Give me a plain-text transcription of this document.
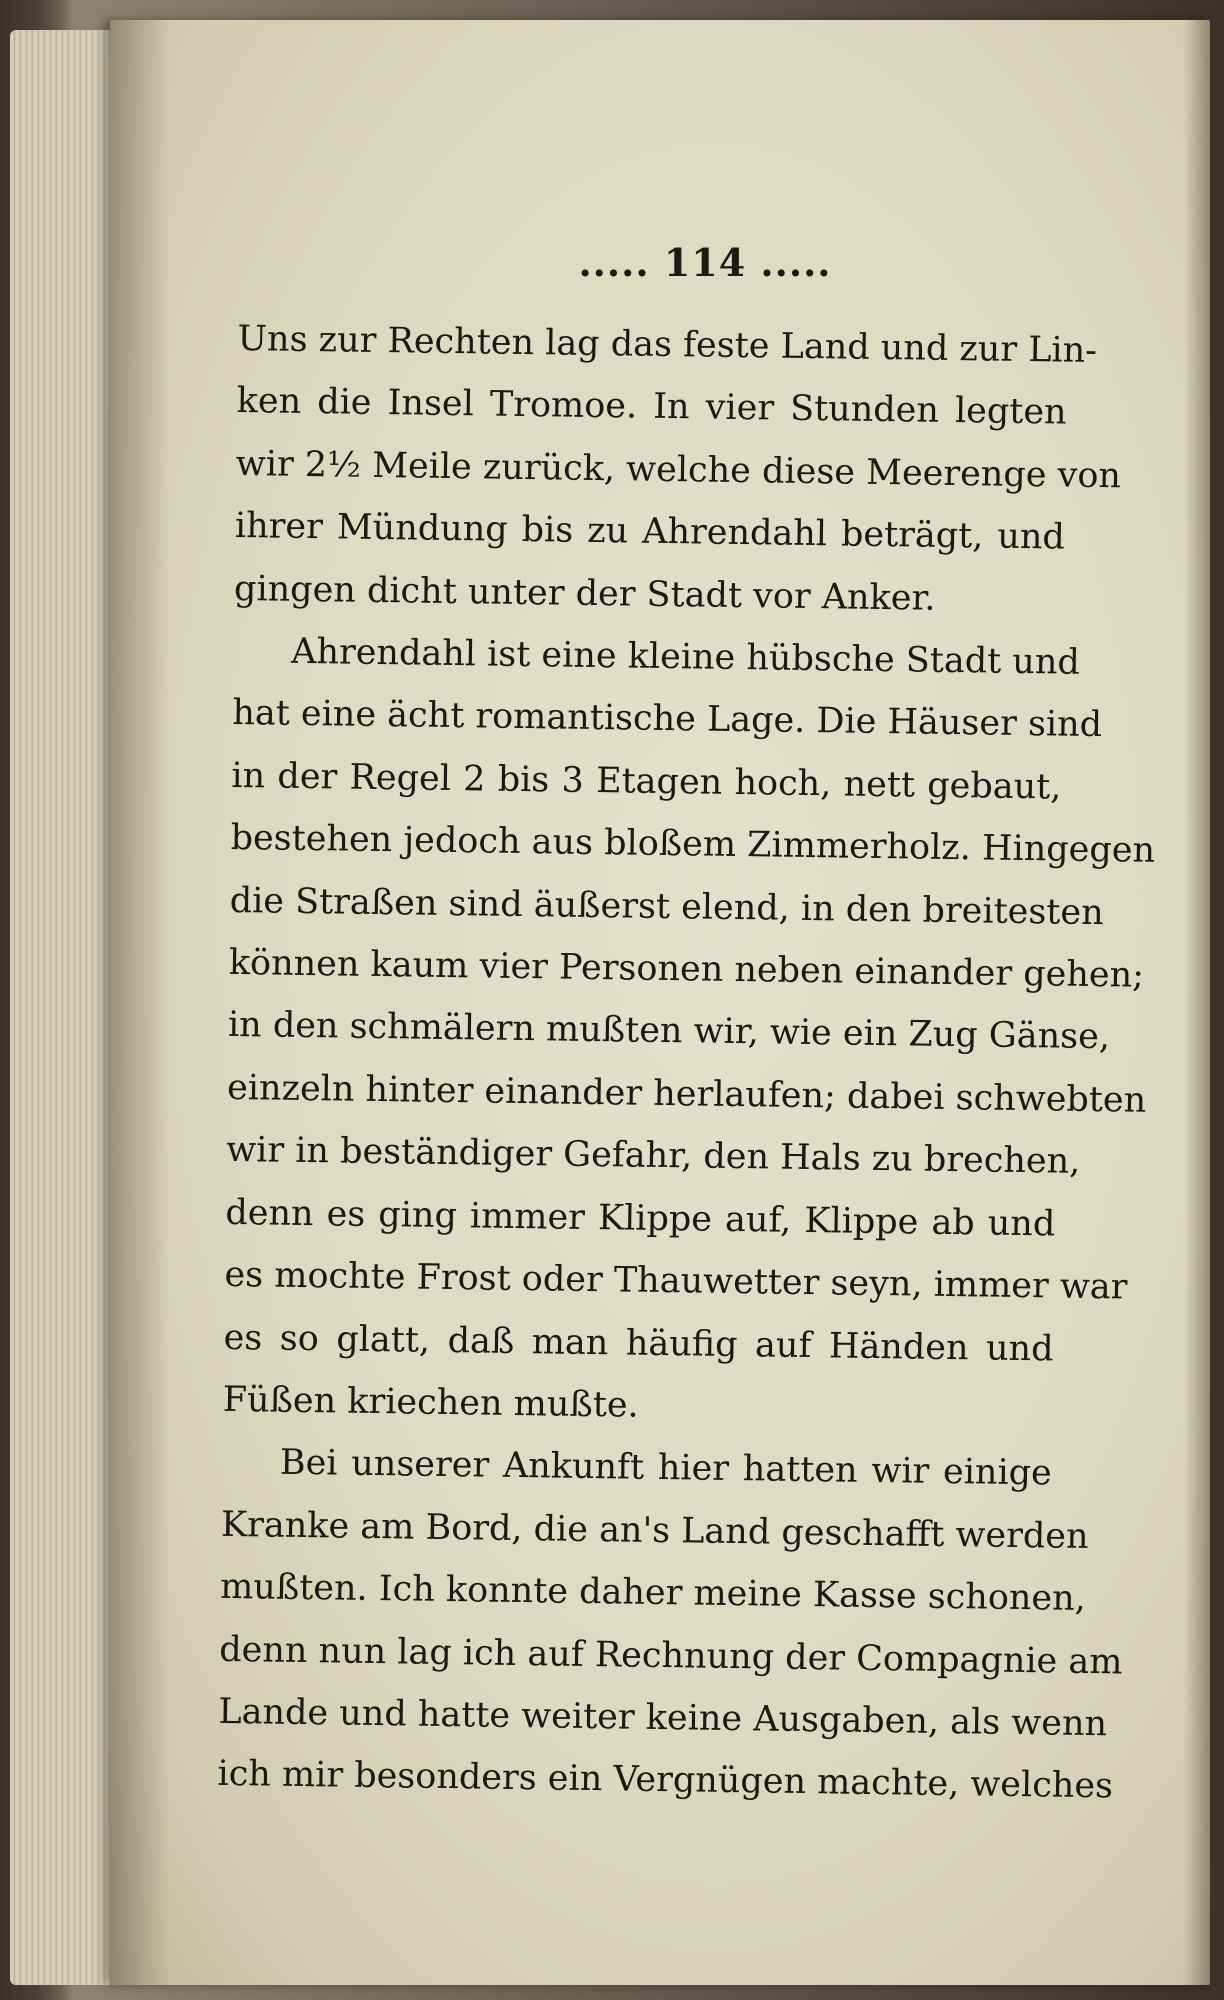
..... 114 .....
Uns zur Rechten lag das feste Land und zur Lin-
ken die Insel Tromoe. In vier Stunden legten
wir 2½ Meile zurück, welche diese Meerenge von
ihrer Mündung bis zu Ahrendahl beträgt, und
gingen dicht unter der Stadt vor Anker.
Ahrendahl ist eine kleine hübsche Stadt und
hat eine ächt romantische Lage. Die Häuser sind
in der Regel 2 bis 3 Etagen hoch, nett gebaut,
bestehen jedoch aus bloßem Zimmerholz. Hingegen
die Straßen sind äußerst elend, in den breitesten
können kaum vier Personen neben einander gehen;
in den schmälern mußten wir, wie ein Zug Gänse,
einzeln hinter einander herlaufen; dabei schwebten
wir in beständiger Gefahr, den Hals zu brechen,
denn es ging immer Klippe auf, Klippe ab und
es mochte Frost oder Thauwetter seyn, immer war
es so glatt, daß man häufig auf Händen und
Füßen kriechen mußte.
Bei unserer Ankunft hier hatten wir einige
Kranke am Bord, die an's Land geschafft werden
mußten. Ich konnte daher meine Kasse schonen,
denn nun lag ich auf Rechnung der Compagnie am
Lande und hatte weiter keine Ausgaben, als wenn
ich mir besonders ein Vergnügen machte, welches
